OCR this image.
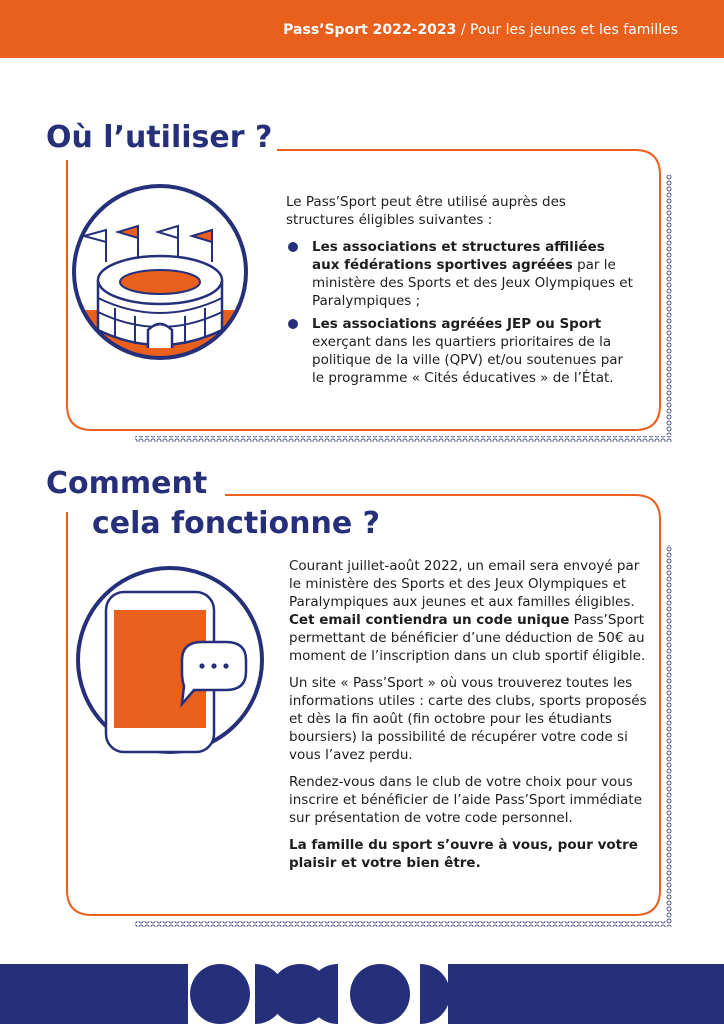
Pass’Sport 2022-2023 / Pour les jeunes et les familles
Où l’utiliser ?

Le Pass’Sport peut être utilisé auprès des structures éligibles suivantes :

Les associations et structures affiliées aux fédérations sportives agréées par le ministère des Sports et des Jeux Olympiques et Paralympiques ;
Les associations agréées JEP ou Sport exerçant dans les quartiers prioritaires de la politique de la ville (QPV) et/ou soutenues par le programme « Cités éducatives » de l’État.
Comment
cela fonctionne ?

Courant juillet-août 2022, un email sera envoyé par le ministère des Sports et des Jeux Olympiques et Paralympiques aux jeunes et aux familles éligibles. Cet email contiendra un code unique Pass’Sport permettant de bénéficier d’une déduction de 50€ au moment de l’inscription dans un club sportif éligible.

Un site « Pass’Sport » où vous trouverez toutes les informations utiles : carte des clubs, sports proposés et dès la fin août (fin octobre pour les étudiants boursiers) la possibilité de récupérer votre code si vous l’avez perdu.

Rendez-vous dans le club de votre choix pour vous inscrire et bénéficier de l’aide Pass’Sport immédiate sur présentation de votre code personnel.

La famille du sport s’ouvre à vous, pour votre plaisir et votre bien être.
